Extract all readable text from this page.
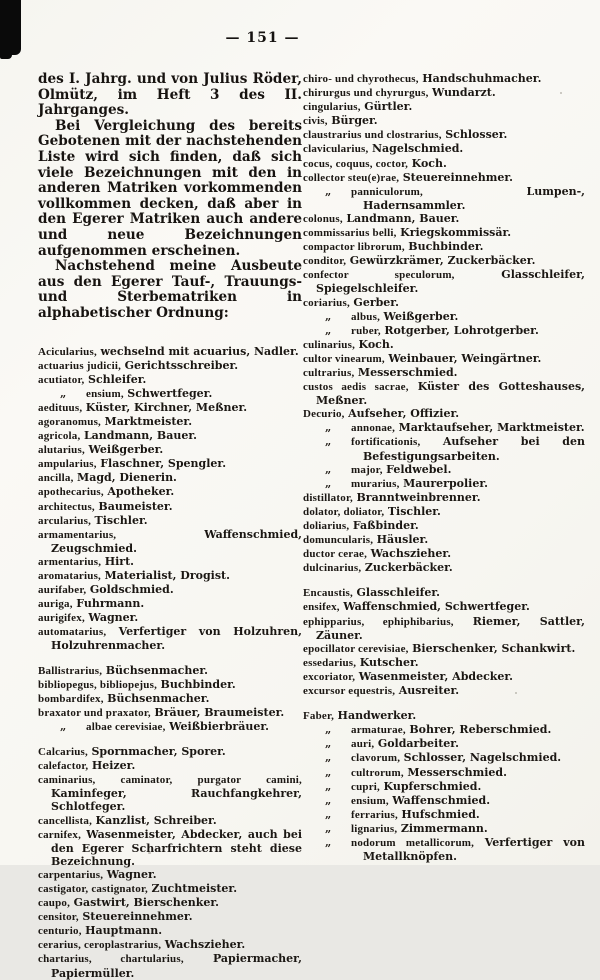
— 151 —

des I. Jahrg. und von Julius Röder, Olmütz, im Heft 3 des II. Jahrganges.

Bei Vergleichung des bereits Gebotenen mit der nachstehenden Liste wird sich finden, daß sich viele Bezeichnungen mit den in anderen Matriken vorkommenden vollkommen decken, daß aber in den Egerer Matriken auch andere und neue Bezeichnungen aufgenommen erscheinen.

Nachstehend meine Ausbeute aus den Egerer Tauf-, Trauungs- und Sterbematriken in alphabetischer Ordnung:

Acicularius, wechselnd mit acuarius, Nadler.

actuarius judicii, Gerichtsschreiber.

acutiator, Schleifer.

„ ensium, Schwertfeger.

aedituus, Küster, Kirchner, Meßner.

agoranomus, Marktmeister.

agricola, Landmann, Bauer.

alutarius, Weißgerber.

ampularius, Flaschner, Spengler.

ancilla, Magd, Dienerin.

apothecarius, Apotheker.

architectus, Baumeister.

arcularius, Tischler.

armamentarius,	Waffenschmied, Zeugschmied.

armentarius, Hirt.

aromatarius, Materialist, Drogist.

aurifaber, Goldschmied.

auriga, Fuhrmann.

aurigifex, Wagner.

automatarius, Verfertiger von Holzuhren, Holzuhrenmacher.

Ballistrarius, Büchsenmacher.

bibliopegus, bibliopejus, Buchbinder.

bombardifex, Büchsenmacher.

braxator und praxator, Bräuer, Braumeister.

„ albae cerevisiae, Weißbierbräuer.

Calcarius, Spornmacher, Sporer.

calefactor, Heizer.

caminarius, caminator, purgator camini, Kaminfeger, Rauchfangkehrer, Schlotfeger.

cancellista, Kanzlist, Schreiber.

carnifex, Wasenmeister, Abdecker, auch bei den Egerer Scharfrichtern steht diese Bezeichnung.

carpentarius, Wagner.

castigator, castignator, Zuchtmeister.

caupo, Gastwirt, Bierschenker.

censitor, Steuereinnehmer.

centurio, Hauptmann.

cerarius, ceroplastrarius, Wachszieher.

chartarius, chartularius,	Papiermacher, Papiermüller.

chiro- und chyrothecus, Handschuhmacher.

chirurgus und chyrurgus, Wundarzt.

cingularius, Gürtler.

civis, Bürger.

claustrarius und clostrarius, Schlosser.

clavicularius, Nagelschmied.

cocus, coquus, coctor, Koch.

collector steu(e)rae, Steuereinnehmer.

„ panniculorum,	Lumpen-, Hadernsammler.

colonus, Landmann, Bauer.

commissarius belli, Kriegskommissär.

compactor librorum, Buchbinder.

conditor, Gewürzkrämer, Zuckerbäcker.

confector speculorum,	Glasschleifer, Spiegelschleifer.

coriarius, Gerber.

„ albus, Weißgerber.

„ ruber, Rotgerber, Lohrotgerber.

culinarius, Koch.

cultor vinearum, Weinbauer, Weingärtner.

cultrarius, Messerschmied.

custos aedis sacrae, Küster des Gotteshauses, Meßner.

Decurio, Aufseher, Offizier.

„ annonae, Marktaufseher, Marktmeister.

„ fortificationis, Aufseher bei den Befestigungsarbeiten.

„ major, Feldwebel.

„ murarius, Maurerpolier.

distillator, Branntweinbrenner.

dolator, doliator, Tischler.

doliarius, Faßbinder.

domuncularis, Häusler.

ductor cerae, Wachszieher.

dulcinarius, Zuckerbäcker.

Encaustis, Glasschleifer.

ensifex, Waffenschmied, Schwertfeger.

ephipparius, ephiphibarius, Riemer, Sattler, Zäuner.

epocillator cerevisiae, Bierschenker, Schankwirt.

essedarius, Kutscher.

excoriator, Wasenmeister, Abdecker.

excursor equestris, Ausreiter.

Faber, Handwerker.

„ armaturae, Bohrer, Reberschmied.

„ auri, Goldarbeiter.

„ clavorum, Schlosser, Nagelschmied.

„ cultrorum, Messerschmied.

„ cupri, Kupferschmied.

„ ensium, Waffenschmied.

„ ferrarius, Hufschmied.

„ lignarius, Zimmermann.

„ nodorum metallicorum, Verfertiger von Metallknöpfen.
